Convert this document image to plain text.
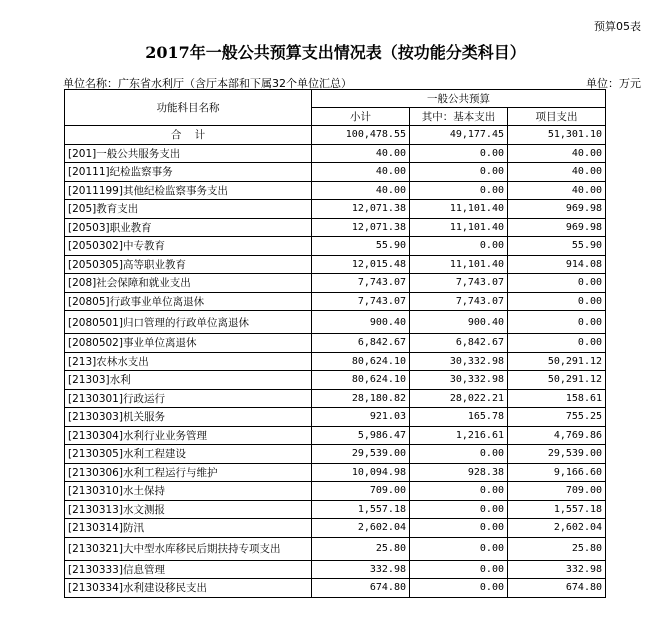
预算05表
2017年一般公共预算支出情况表（按功能分类科目）
单位名称：广东省水利厅（含厅本部和下属32个单位汇总）	单位：万元
功能科目名称	一般公共预算		
	小计	其中：基本支出	项目支出
合    计	100,478.55	49,177.45	51,301.10
[201]一般公共服务支出	40.00	0.00	40.00
[20111]纪检监察事务	40.00	0.00	40.00
[2011199]其他纪检监察事务支出	40.00	0.00	40.00
[205]教育支出	12,071.38	11,101.40	969.98
[20503]职业教育	12,071.38	11,101.40	969.98
[2050302]中专教育	55.90	0.00	55.90
[2050305]高等职业教育	12,015.48	11,101.40	914.08
[208]社会保障和就业支出	7,743.07	7,743.07	0.00
[20805]行政事业单位离退休	7,743.07	7,743.07	0.00
[2080501]归口管理的行政单位离退休	900.40	900.40	0.00
[2080502]事业单位离退休	6,842.67	6,842.67	0.00
[213]农林水支出	80,624.10	30,332.98	50,291.12
[21303]水利	80,624.10	30,332.98	50,291.12
[2130301]行政运行	28,180.82	28,022.21	158.61
[2130303]机关服务	921.03	165.78	755.25
[2130304]水利行业业务管理	5,986.47	1,216.61	4,769.86
[2130305]水利工程建设	29,539.00	0.00	29,539.00
[2130306]水利工程运行与维护	10,094.98	928.38	9,166.60
[2130310]水土保持	709.00	0.00	709.00
[2130313]水文测报	1,557.18	0.00	1,557.18
[2130314]防汛	2,602.04	0.00	2,602.04
[2130321]大中型水库移民后期扶持专项支出	25.80	0.00	25.80
[2130333]信息管理	332.98	0.00	332.98
[2130334]水利建设移民支出	674.80	0.00	674.80
